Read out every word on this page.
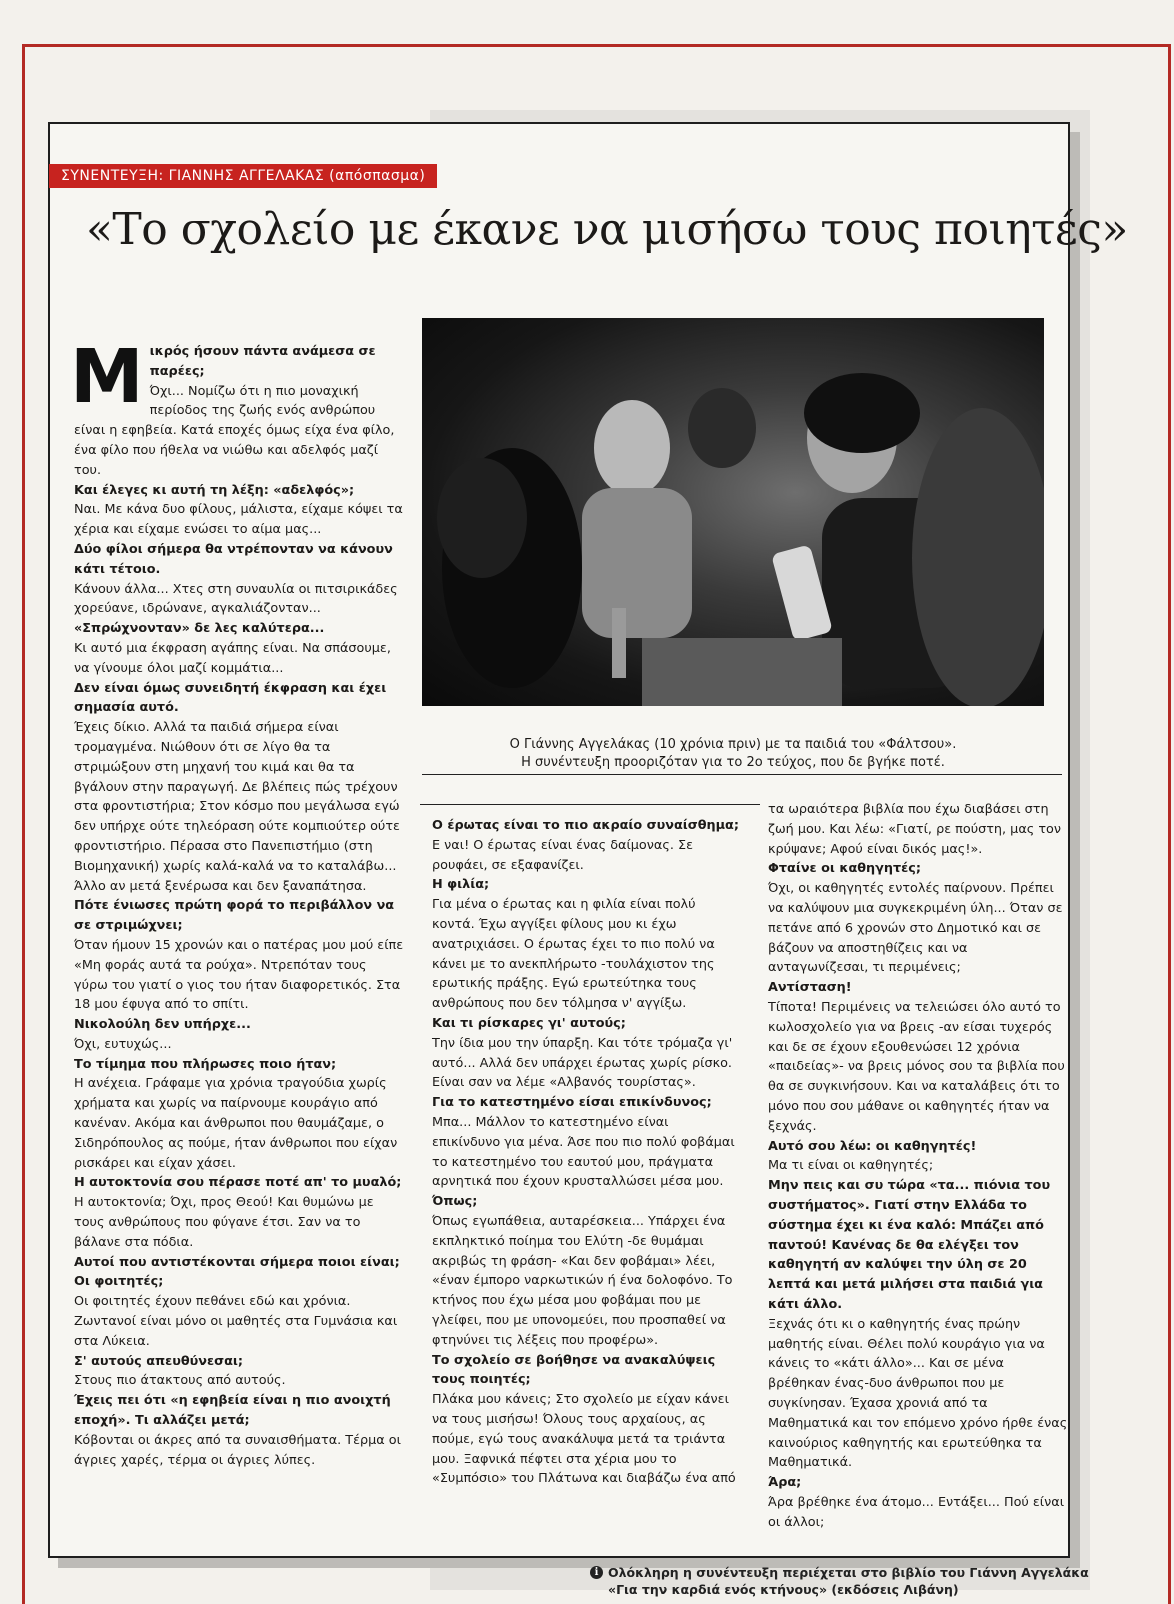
ΣΥΝΕΝΤΕΥΞΗ: ΓΙΑΝΝΗΣ ΑΓΓΕΛΑΚΑΣ (απόσπασμα)
«Το σχολείο με έκανε να μισήσω τους ποιητές»
Ο Γιάννης Αγγελάκας (10 χρόνια πριν) με τα παιδιά του «Φάλτσου».
Η συνέντευξη προοριζόταν για το 2ο τεύχος, που δε βγήκε ποτέ.
Μ ικρός ήσουν πάντα ανάμεσα σε παρέες;

Όχι... Νομίζω ότι η πιο μοναχική περίοδος της ζωής ενός ανθρώπου είναι η εφηβεία. Κατά εποχές όμως είχα ένα φίλο, ένα φίλο που ήθελα να νιώθω και αδελφός μαζί του.

Και έλεγες κι αυτή τη λέξη: «αδελφός»;

Ναι. Με κάνα δυο φίλους, μάλιστα, είχαμε κόψει τα χέρια και είχαμε ενώσει το αίμα μας...

Δύο φίλοι σήμερα θα ντρέπονταν να κάνουν κάτι τέτοιο.

Κάνουν άλλα... Χτες στη συναυλία οι πιτσιρικάδες χορεύανε, ιδρώνανε, αγκαλιάζονταν...

«Σπρώχνονταν» δε λες καλύτερα...

Κι αυτό μια έκφραση αγάπης είναι. Να σπάσουμε, να γίνουμε όλοι μαζί κομμάτια...

Δεν είναι όμως συνειδητή έκφραση και έχει σημασία αυτό.

Έχεις δίκιο. Αλλά τα παιδιά σήμερα είναι τρομαγμένα. Νιώθουν ότι σε λίγο θα τα στριμώξουν στη μηχανή του κιμά και θα τα βγάλουν στην παραγωγή. Δε βλέπεις πώς τρέχουν στα φροντιστήρια; Στον κόσμο που μεγάλωσα εγώ δεν υπήρχε ούτε τηλεόραση ούτε κομπιούτερ ούτε φροντιστήριο. Πέρασα στο Πανεπιστήμιο (στη Βιομηχανική) χωρίς καλά-καλά να το καταλάβω... Άλλο αν μετά ξενέρωσα και δεν ξαναπάτησα.

Πότε ένιωσες πρώτη φορά το περιβάλλον να σε στριμώχνει;

Όταν ήμουν 15 χρονών και ο πατέρας μου μού είπε «Μη φοράς αυτά τα ρούχα». Ντρεπόταν τους γύρω του γιατί ο γιος του ήταν διαφορετικός. Στα 18 μου έφυγα από το σπίτι.

Νικολούλη δεν υπήρχε...

Όχι, ευτυχώς...

Το τίμημα που πλήρωσες ποιο ήταν;

Η ανέχεια. Γράφαμε για χρόνια τραγούδια χωρίς χρήματα και χωρίς να παίρνουμε κουράγιο από κανέναν. Ακόμα και άνθρωποι που θαυμάζαμε, ο Σιδηρόπουλος ας πούμε, ήταν άνθρωποι που είχαν ρισκάρει και είχαν χάσει.

Η αυτοκτονία σου πέρασε ποτέ απ' το μυαλό;

Η αυτοκτονία; Όχι, προς Θεού! Και θυμώνω με τους ανθρώπους που φύγανε έτσι. Σαν να το βάλανε στα πόδια.

Αυτοί που αντιστέκονται σήμερα ποιοι είναι; Οι φοιτητές;

Οι φοιτητές έχουν πεθάνει εδώ και χρόνια. Ζωντανοί είναι μόνο οι μαθητές στα Γυμνάσια και στα Λύκεια.

Σ' αυτούς απευθύνεσαι;

Στους πιο άτακτους από αυτούς.

Έχεις πει ότι «η εφηβεία είναι η πιο ανοιχτή εποχή». Τι αλλάζει μετά;

Κόβονται οι άκρες από τα συναισθήματα. Τέρμα οι άγριες χαρές, τέρμα οι άγριες λύπες.

Ο έρωτας είναι το πιο ακραίο συναίσθημα;

Ε ναι! Ο έρωτας είναι ένας δαίμονας. Σε ρουφάει, σε εξαφανίζει.

Η φιλία;

Για μένα ο έρωτας και η φιλία είναι πολύ κοντά. Έχω αγγίξει φίλους μου κι έχω ανατριχιάσει. Ο έρωτας έχει το πιο πολύ να κάνει με το ανεκπλήρωτο -τουλάχιστον της ερωτικής πράξης. Εγώ ερωτεύτηκα τους ανθρώπους που δεν τόλμησα ν' αγγίξω.

Και τι ρίσκαρες γι' αυτούς;

Την ίδια μου την ύπαρξη. Και τότε τρόμαζα γι' αυτό... Αλλά δεν υπάρχει έρωτας χωρίς ρίσκο. Είναι σαν να λέμε «Αλβανός τουρίστας».

Για το κατεστημένο είσαι επικίνδυνος;

Μπα... Μάλλον το κατεστημένο είναι επικίνδυνο για μένα. Άσε που πιο πολύ φοβάμαι το κατεστημένο του εαυτού μου, πράγματα αρνητικά που έχουν κρυσταλλώσει μέσα μου.

Όπως;

Όπως εγωπάθεια, αυταρέσκεια... Υπάρχει ένα εκπληκτικό ποίημα του Ελύτη -δε θυμάμαι ακριβώς τη φράση- «Και δεν φοβάμαι» λέει, «έναν έμπορο ναρκωτικών ή ένα δολοφόνο. Το κτήνος που έχω μέσα μου φοβάμαι που με γλείφει, που με υπονομεύει, που προσπαθεί να φτηνύνει τις λέξεις που προφέρω».

Το σχολείο σε βοήθησε να ανακαλύψεις τους ποιητές;

Πλάκα μου κάνεις; Στο σχολείο με είχαν κάνει να τους μισήσω! Όλους τους αρχαίους, ας πούμε, εγώ τους ανακάλυψα μετά τα τριάντα μου. Ξαφνικά πέφτει στα χέρια μου το «Συμπόσιο» του Πλάτωνα και διαβάζω ένα από

τα ωραιότερα βιβλία που έχω διαβάσει στη ζωή μου. Και λέω: «Γιατί, ρε πούστη, μας τον κρύψανε; Αφού είναι δικός μας!».

Φταίνε οι καθηγητές;

Όχι, οι καθηγητές εντολές παίρνουν. Πρέπει να καλύψουν μια συγκεκριμένη ύλη... Όταν σε πετάνε από 6 χρονών στο Δημοτικό και σε βάζουν να αποστηθίζεις και να ανταγωνίζεσαι, τι περιμένεις;

Αντίσταση!

Τίποτα! Περιμένεις να τελειώσει όλο αυτό το κωλοσχολείο για να βρεις -αν είσαι τυχερός και δε σε έχουν εξουθενώσει 12 χρόνια «παιδείας»- να βρεις μόνος σου τα βιβλία που θα σε συγκινήσουν. Και να καταλάβεις ότι το μόνο που σου μάθανε οι καθηγητές ήταν να ξεχνάς.

Αυτό σου λέω: οι καθηγητές!

Μα τι είναι οι καθηγητές;

Μην πεις και συ τώρα «τα... πιόνια του συστήματος». Γιατί στην Ελλάδα το σύστημα έχει κι ένα καλό: Μπάζει από παντού! Κανένας δε θα ελέγξει τον καθηγητή αν καλύψει την ύλη σε 20 λεπτά και μετά μιλήσει στα παιδιά για κάτι άλλο.

Ξεχνάς ότι κι ο καθηγητής ένας πρώην μαθητής είναι. Θέλει πολύ κουράγιο για να κάνεις το «κάτι άλλο»... Και σε μένα βρέθηκαν ένας-δυο άνθρωποι που με συγκίνησαν. Έχασα χρονιά από τα Μαθηματικά και τον επόμενο χρόνο ήρθε ένας καινούριος καθηγητής και ερωτεύθηκα τα Μαθηματικά.

Άρα;

Άρα βρέθηκε ένα άτομο... Εντάξει... Πού είναι οι άλλοι;

i Ολόκληρη η συνέντευξη περιέχεται στο βιβλίο του Γιάννη Αγγελάκα
«Για την καρδιά ενός κτήνους» (εκδόσεις Λιβάνη)
